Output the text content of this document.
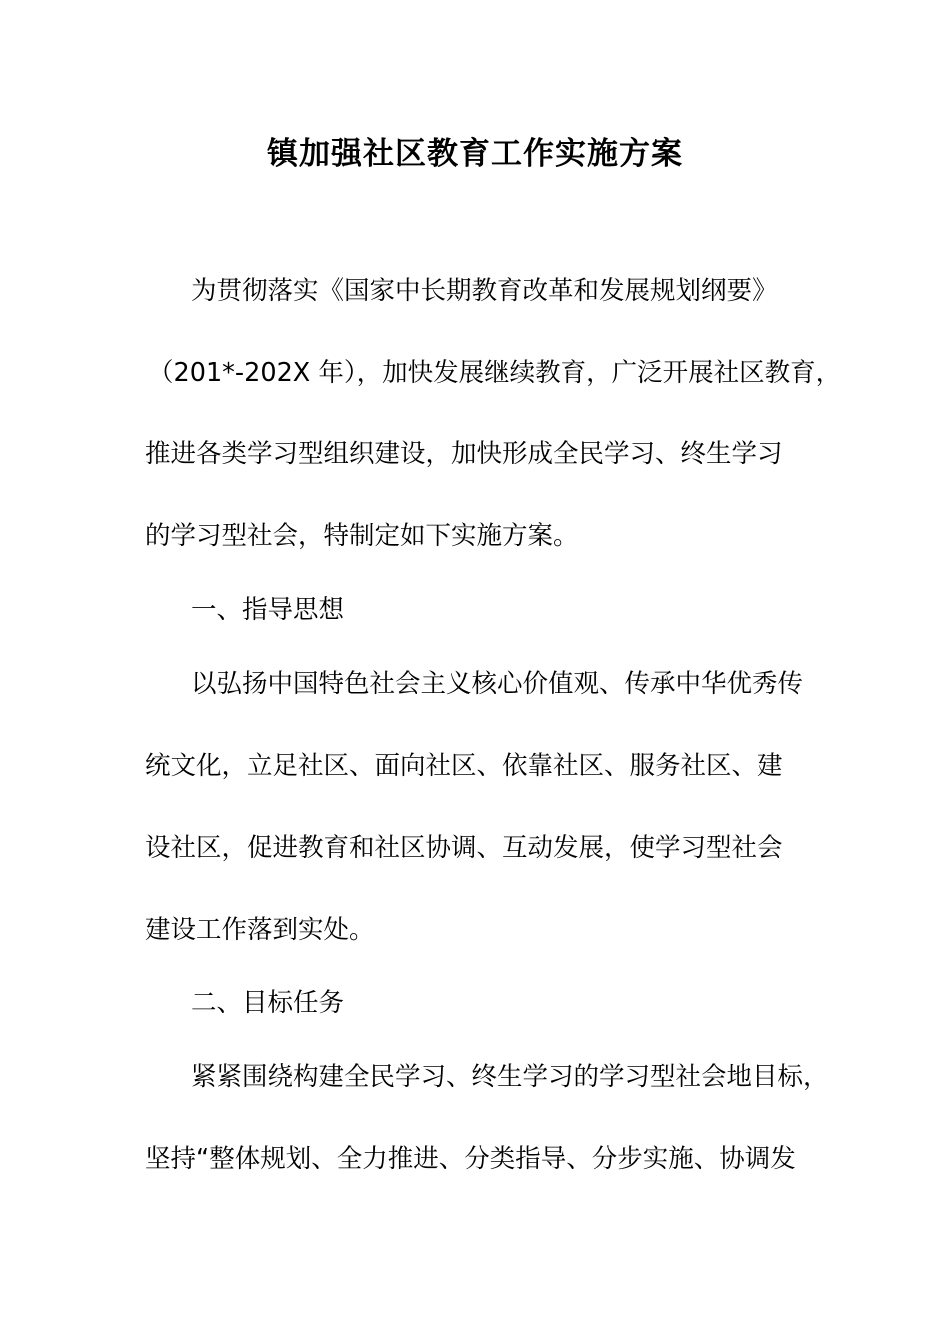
镇加强社区教育工作实施方案
为贯彻落实《国家中长期教育改革和发展规划纲要》
（201*-202X 年），加快发展继续教育，广泛开展社区教育，
推进各类学习型组织建设，加快形成全民学习、终生学习
的学习型社会，特制定如下实施方案。
一、指导思想
以弘扬中国特色社会主义核心价值观、传承中华优秀传
统文化，立足社区、面向社区、依靠社区、服务社区、建
设社区，促进教育和社区协调、互动发展，使学习型社会
建设工作落到实处。
二、目标任务
紧紧围绕构建全民学习、终生学习的学习型社会地目标，
坚持“整体规划、全力推进、分类指导、分步实施、协调发
